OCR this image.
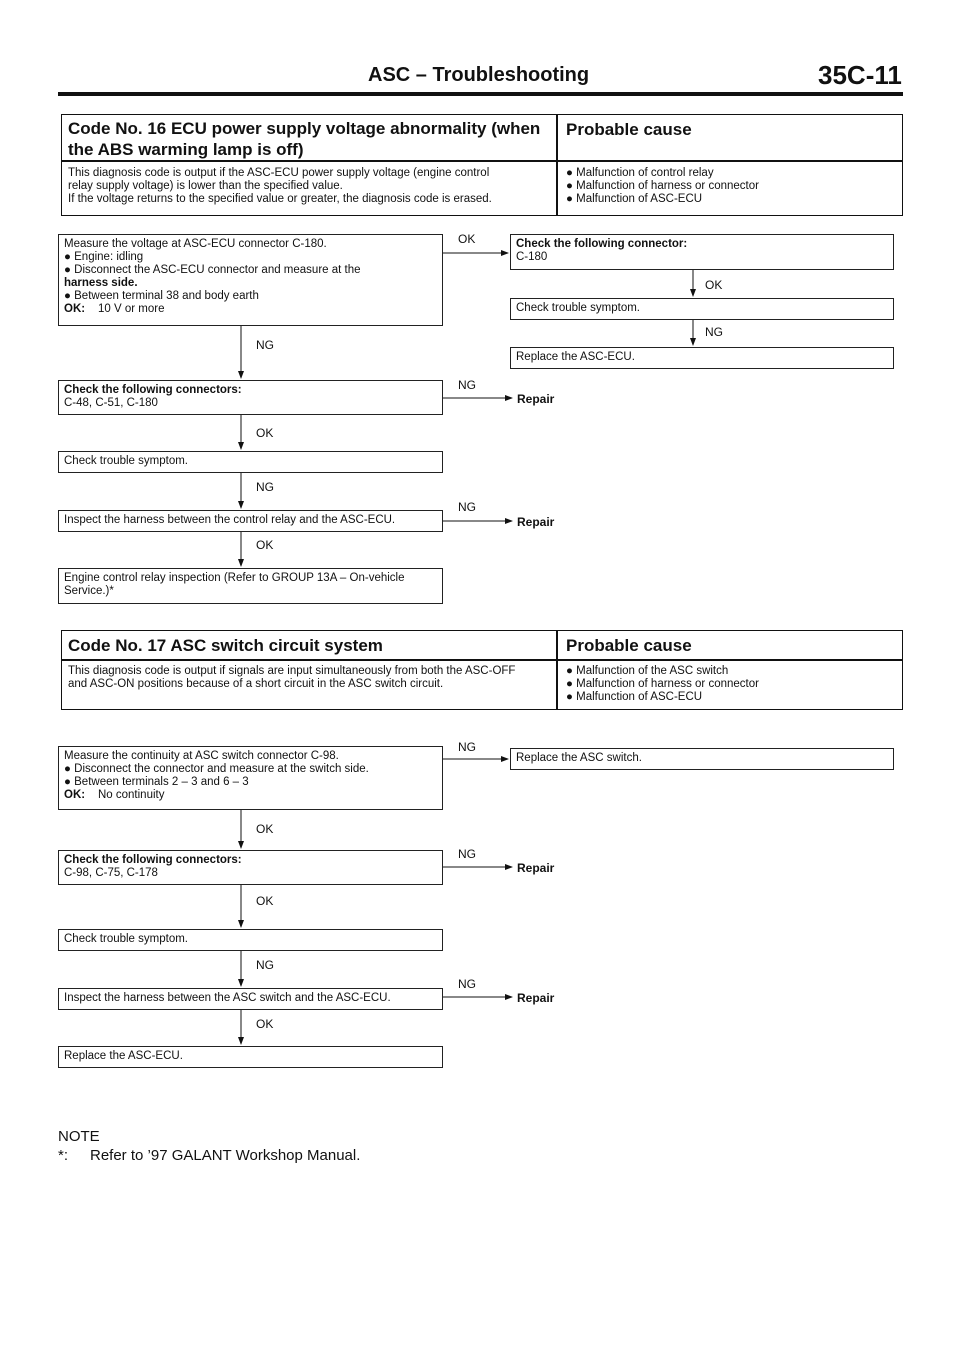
ASC – Troubleshooting	35C-11
Code No. 16 ECU power supply voltage abnormality (when
the ABS warming lamp is off)
Probable cause
This diagnosis code is output if the ASC-ECU power supply voltage (engine control
relay supply voltage) is lower than the specified value.
If the voltage returns to the specified value or greater, the diagnosis code is erased.
● Malfunction of control relay
● Malfunction of harness or connector
● Malfunction of ASC-ECU
Measure the voltage at ASC-ECU connector C-180.
● Engine: idling
● Disconnect the ASC-ECU connector and measure at the
harness side.
● Between terminal 38 and body earth
OK: 10 V or more
Check the following connector:
C-180
Check trouble symptom.
Replace the ASC-ECU.
Check the following connectors:
C-48, C-51, C-180
Check trouble symptom.
Inspect the harness between the control relay and the ASC-ECU.
Engine control relay inspection (Refer to GROUP 13A – On-vehicle
Service.)*
OK
OK
NG
NG
NG
Repair
OK
NG
NG
Repair
OK
Code No. 17 ASC switch circuit system	Probable cause
This diagnosis code is output if signals are input simultaneously from both the ASC-OFF
and ASC-ON positions because of a short circuit in the ASC switch circuit.
● Malfunction of the ASC switch
● Malfunction of harness or connector
● Malfunction of ASC-ECU
Measure the continuity at ASC switch connector C-98.
● Disconnect the connector and measure at the switch side.
● Between terminals 2 – 3 and 6 – 3
OK: No continuity
Replace the ASC switch.
Check the following connectors:
C-98, C-75, C-178
Check trouble symptom.
Inspect the harness between the ASC switch and the ASC-ECU.
Replace the ASC-ECU.
NG
OK
NG
Repair
OK
NG
NG
Repair
OK
NOTE
*: Refer to ’97 GALANT Workshop Manual.
